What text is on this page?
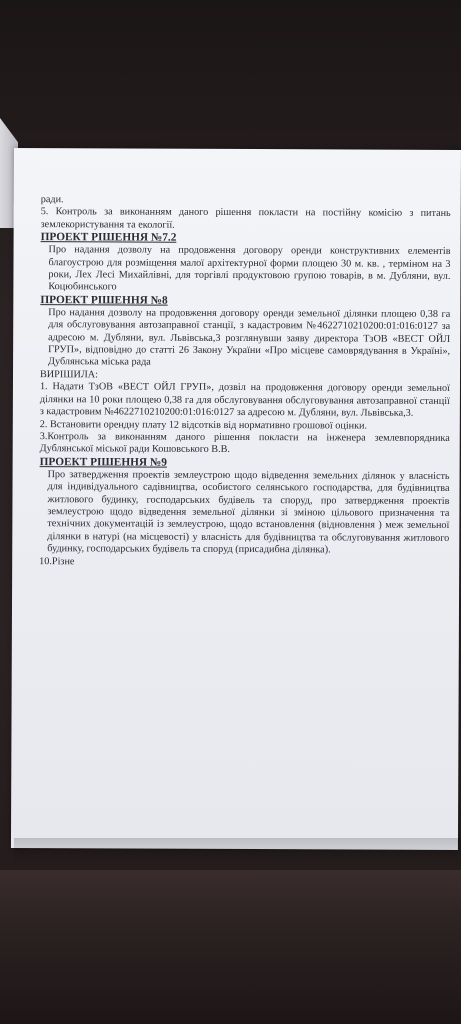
ради.

5. Контроль за виконанням даного рішення покласти на постійну комісію з питань землекористування та екології.

ПРОЕКТ РІШЕННЯ №7.2

Про надання дозволу на продовження договору оренди конструктивних елементів благоустрою для розміщення малої архітектурної форми площею 30 м. кв. , терміном на 3 роки, Лех Лесі Михайлівні, для торгівлі продуктовою групою товарів, в м. Дубляни, вул. Коцюбинського

ПРОЕКТ РІШЕННЯ №8

Про надання дозволу на продовження договору оренди земельної ділянки площею 0,38 га для обслуговування автозаправної станції, з кадастровим №4622710210200:01:016:0127 за адресою м. Дубляни, вул. Львівська,3 розглянувши заяву директора ТзОВ «ВЕСТ ОЙЛ ГРУП», відповідно до статті 26 Закону України «Про місцеве самоврядування в Україні», Дублянська міська рада

ВИРІШИЛА:

1. Надати ТзОВ «ВЕСТ ОЙЛ ГРУП», дозвіл на продовження договору оренди земельної ділянки на 10 роки площею 0,38 га для обслуговування обслуговування автозаправної станції з кадастровим №4622710210200:01:016:0127 за адресою м. Дубляни, вул. Львівська,3.

2. Встановити орендну плату 12 відсотків від нормативно грошової оцінки.

3.Контроль за виконанням даного рішення покласти на інженера землевпорядника Дублянської міської ради Кошовського В.В.

ПРОЕКТ РІШЕННЯ №9

Про затвердження проектів землеустрою щодо відведення земельних ділянок у власність для індивідуального садівництва, особистого селянського господарства, для будівництва житлового будинку, господарських будівель та споруд, про затвердження проектів землеустрою щодо відведення земельної ділянки зі зміною цільового призначення та технічних документацій із землеустрою, щодо встановлення (відновлення ) меж земельної ділянки в натурі (на місцевості) у власність для будівництва та обслуговування житлового будинку, господарських будівель та споруд (присадибна ділянка).

10.Різне
